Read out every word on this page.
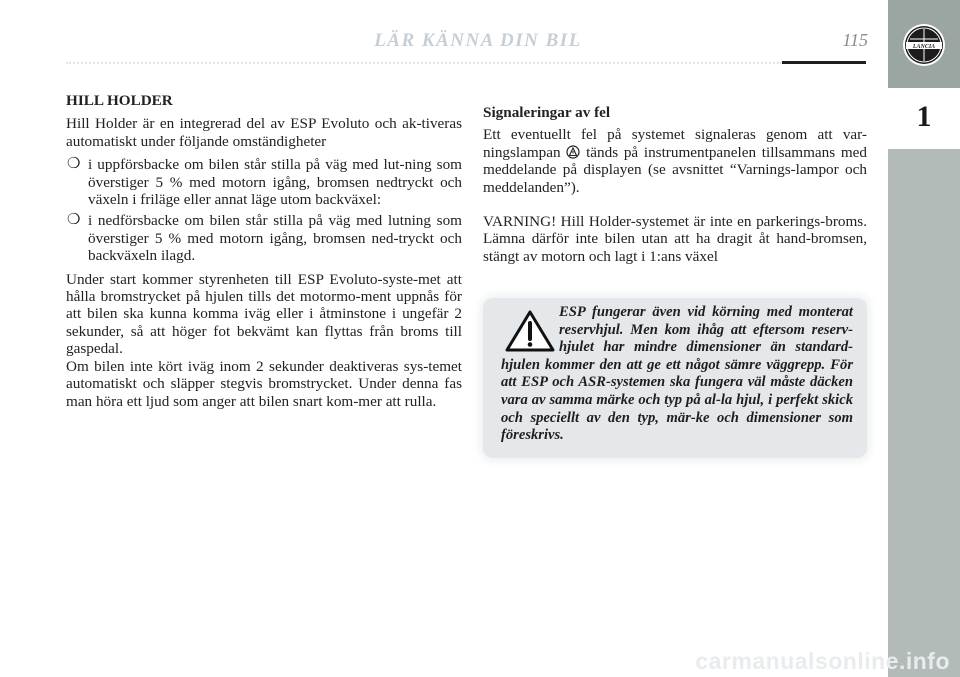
LÄR KÄNNA DIN BIL	115	LANCIA
1

HILL HOLDER

Hill Holder är en integrerad del av ESP Evoluto och ak-tiveras automatiskt under följande omständigheter

❍ i uppförsbacke om bilen står stilla på väg med lut-ning som överstiger 5 % med motorn igång, bromsen nedtryckt och växeln i friläge eller annat läge utom backväxel:
❍ i nedförsbacke om bilen står stilla på väg med lutning som överstiger 5 % med motorn igång, bromsen ned-tryckt och backväxeln ilagd.

Under start kommer styrenheten till ESP Evoluto-syste-met att hålla bromstrycket på hjulen tills det motormo-ment uppnås för att bilen ska kunna komma iväg eller i åtminstone i ungefär 2 sekunder, så att höger fot bekvämt kan flyttas från broms till gaspedal.

Om bilen inte kört iväg inom 2 sekunder deaktiveras sys-temet automatiskt och släpper stegvis bromstrycket. Under denna fas man höra ett ljud som anger att bilen snart kom-mer att rulla.

Signaleringar av fel

Ett eventuellt fel på systemet signaleras genom att var-ningslampan tänds på instrumentpanelen tillsammans med meddelande på displayen (se avsnittet “Varnings-lampor och meddelanden”).

VARNING! Hill Holder-systemet är inte en parkerings-broms. Lämna därför inte bilen utan att ha dragit åt hand-bromsen, stängt av motorn och lagt i 1:ans växel

ESP fungerar även vid körning med monterat reservhjul. Men kom ihåg att eftersom reserv-hjulet har mindre dimensioner än standard-hjulen kommer den att ge ett något sämre väggrepp. För att ESP och ASR-systemen ska fungera väl måste däcken vara av samma märke och typ på al-la hjul, i perfekt skick och speciellt av den typ, mär-ke och dimensioner som föreskrivs.
carmanualsonline.info
